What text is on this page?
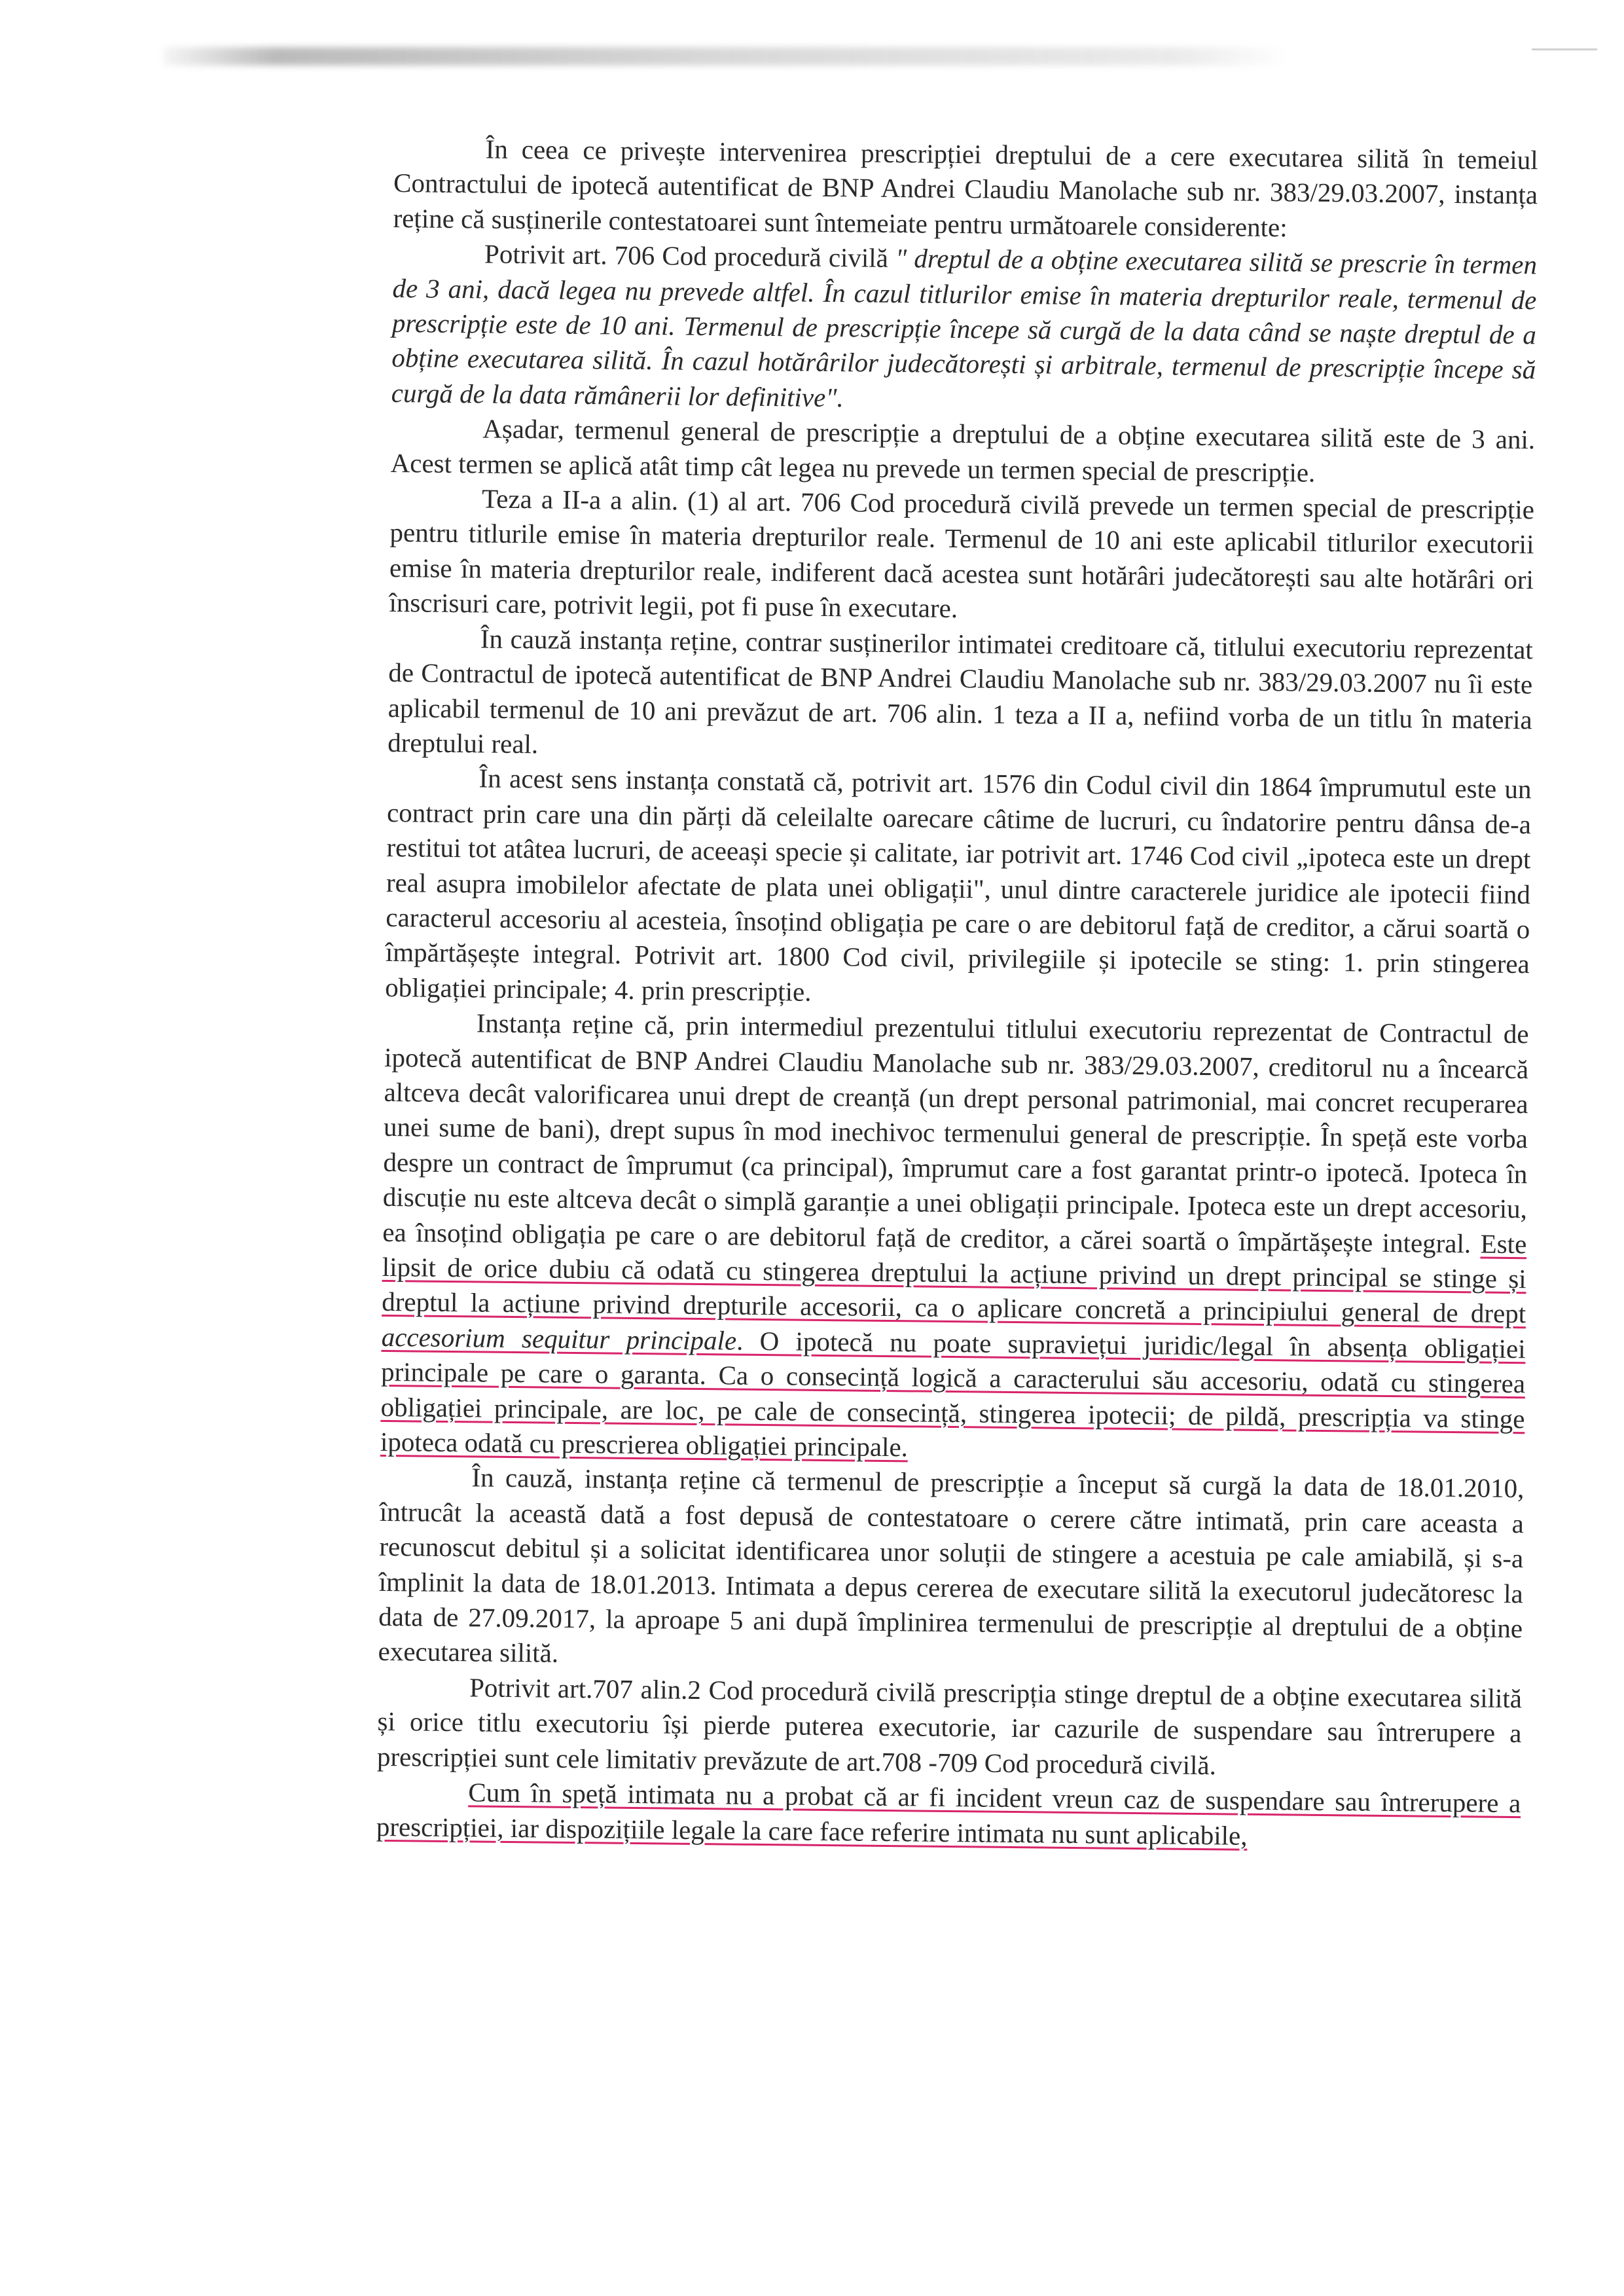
În ceea ce privește intervenirea prescripției dreptului de a cere executarea silită în temeiul Contractului de ipotecă autentificat de BNP Andrei Claudiu Manolache sub nr. 383/29.03.2007, instanța reține că susținerile contestatoarei sunt întemeiate pentru următoarele considerente:

Potrivit art. 706 Cod procedură civilă " dreptul de a obține executarea silită se prescrie în termen de 3 ani, dacă legea nu prevede altfel. În cazul titlurilor emise în materia drepturilor reale, termenul de prescripție este de 10 ani. Termenul de prescripție începe să curgă de la data când se naște dreptul de a obține executarea silită. În cazul hotărârilor judecătorești și arbitrale, termenul de prescripție începe să curgă de la data rămânerii lor definitive".

Așadar, termenul general de prescripție a dreptului de a obține executarea silită este de 3 ani. Acest termen se aplică atât timp cât legea nu prevede un termen special de prescripție.

Teza a II-a a alin. (1) al art. 706 Cod procedură civilă prevede un termen special de prescripție pentru titlurile emise în materia drepturilor reale. Termenul de 10 ani este aplicabil titlurilor executorii emise în materia drepturilor reale, indiferent dacă acestea sunt hotărâri judecătorești sau alte hotărâri ori înscrisuri care, potrivit legii, pot fi puse în executare.

În cauză instanța reține, contrar susținerilor intimatei creditoare că, titlului executoriu reprezentat de Contractul de ipotecă autentificat de BNP Andrei Claudiu Manolache sub nr. 383/29.03.2007 nu îi este aplicabil termenul de 10 ani prevăzut de art. 706 alin. 1 teza a II a, nefiind vorba de un titlu în materia dreptului real.

În acest sens instanța constată că, potrivit art. 1576 din Codul civil din 1864 împrumutul este un contract prin care una din părți dă celeilalte oarecare câtime de lucruri, cu îndatorire pentru dânsa de-a restitui tot atâtea lucruri, de aceeași specie și calitate, iar potrivit art. 1746 Cod civil „ipoteca este un drept real asupra imobilelor afectate de plata unei obligații", unul dintre caracterele juridice ale ipotecii fiind caracterul accesoriu al acesteia, însoțind obligația pe care o are debitorul față de creditor, a cărui soartă o împărtășește integral. Potrivit art. 1800 Cod civil, privilegiile și ipotecile se sting: 1. prin stingerea obligației principale; 4. prin prescripție.

Instanța reține că, prin intermediul prezentului titlului executoriu reprezentat de Contractul de ipotecă autentificat de BNP Andrei Claudiu Manolache sub nr. 383/29.03.2007, creditorul nu a încearcă altceva decât valorificarea unui drept de creanță (un drept personal patrimonial, mai concret recuperarea unei sume de bani), drept supus în mod inechivoc termenului general de prescripție. În speță este vorba despre un contract de împrumut (ca principal), împrumut care a fost garantat printr-o ipotecă. Ipoteca în discuție nu este altceva decât o simplă garanție a unei obligații principale. Ipoteca este un drept accesoriu, ea însoțind obligația pe care o are debitorul față de creditor, a cărei soartă o împărtășește integral. Este lipsit de orice dubiu că odată cu stingerea dreptului la acțiune privind un drept principal se stinge și dreptul la acțiune privind drepturile accesorii, ca o aplicare concretă a principiului general de drept accesorium sequitur principale. O ipotecă nu poate supraviețui juridic/legal în absența obligației principale pe care o garanta. Ca o consecință logică a caracterului său accesoriu, odată cu stingerea obligației principale, are loc, pe cale de consecință, stingerea ipotecii; de pildă, prescripția va stinge ipoteca odată cu prescrierea obligației principale.

În cauză, instanța reține că termenul de prescripție a început să curgă la data de 18.01.2010, întrucât la această dată a fost depusă de contestatoare o cerere către intimată, prin care aceasta a recunoscut debitul și a solicitat identificarea unor soluții de stingere a acestuia pe cale amiabilă, și s-a împlinit la data de 18.01.2013. Intimata a depus cererea de executare silită la executorul judecătoresc la data de 27.09.2017, la aproape 5 ani după împlinirea termenului de prescripție al dreptului de a obține executarea silită.

Potrivit art.707 alin.2 Cod procedură civilă prescripția stinge dreptul de a obține executarea silită și orice titlu executoriu își pierde puterea executorie, iar cazurile de suspendare sau întrerupere a prescripției sunt cele limitativ prevăzute de art.708 -709 Cod procedură civilă.

Cum în speță intimata nu a probat că ar fi incident vreun caz de suspendare sau întrerupere a prescripției, iar dispozițiile legale la care face referire intimata nu sunt aplicabile,
